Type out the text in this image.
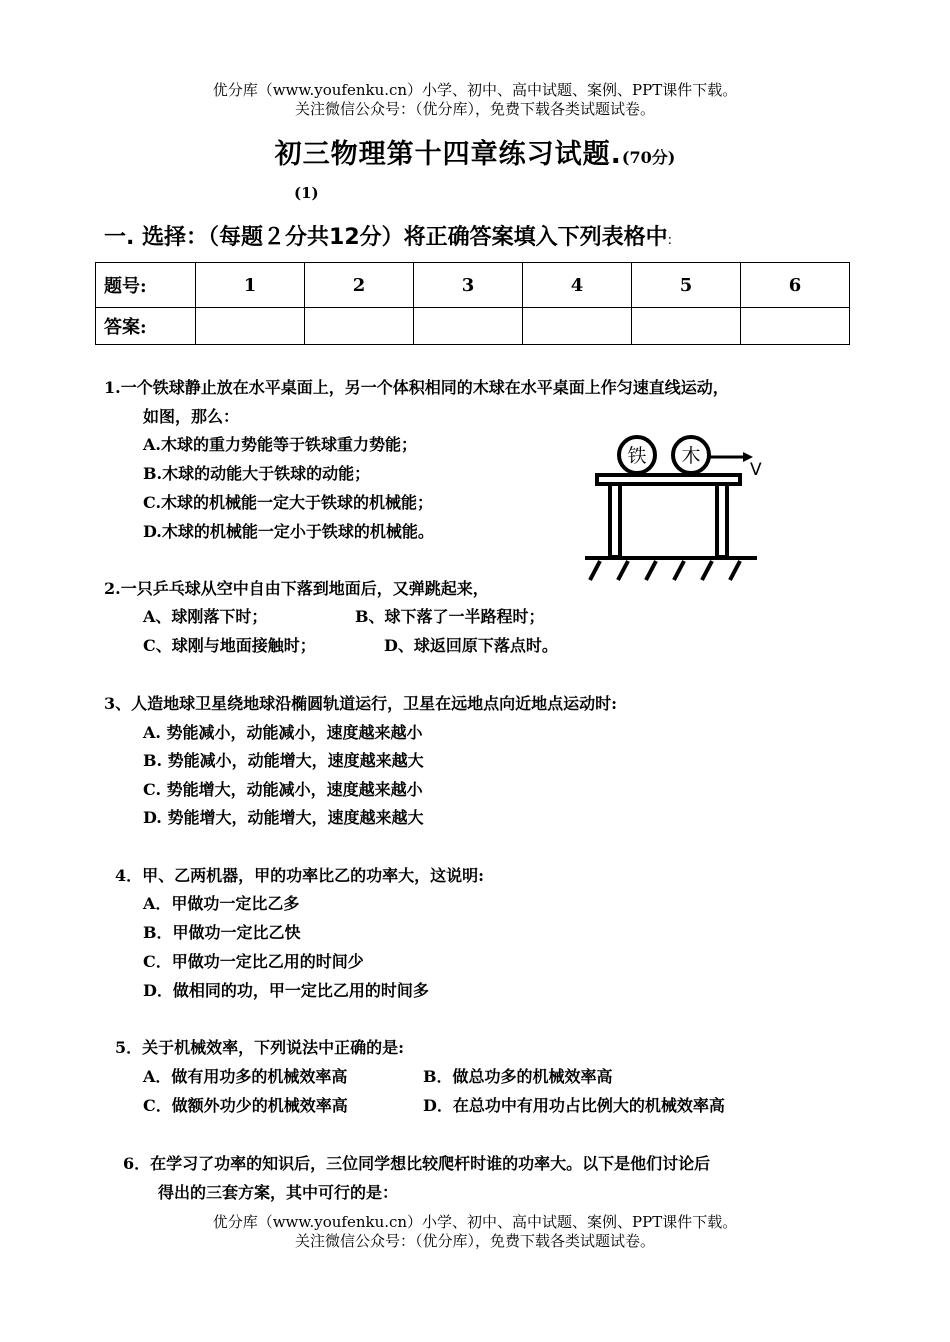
优分库（www.youfenku.cn）小学、初中、高中试题、案例、PPT课件下载。
关注微信公众号：（优分库），免费下载各类试题试卷。
初三物理第十四章练习试题.(70分)
(1)
一. 选择：（每题２分共12分）将正确答案填入下列表格中:
题号:	1	2	3	4	5	6
答案:						
1.一个铁球静止放在水平桌面上，另一个体积相同的木球在水平桌面上作匀速直线运动，
如图，那么：
A.木球的重力势能等于铁球重力势能；
B.木球的动能大于铁球的动能；
C.木球的机械能一定大于铁球的机械能；
D.木球的机械能一定小于铁球的机械能。
铁 木
V
2.一只乒乓球从空中自由下落到地面后，又弹跳起来，
A、球刚落下时；	B、球下落了一半路程时；
C、球刚与地面接触时；	D、球返回原下落点时。
3、人造地球卫星绕地球沿椭圆轨道运行，卫星在远地点向近地点运动时:
A. 势能减小，动能减小，速度越来越小
B. 势能减小，动能增大，速度越来越大
C. 势能增大，动能减小，速度越来越小
D. 势能增大，动能增大，速度越来越大
4．甲、乙两机器，甲的功率比乙的功率大，这说明:
A．甲做功一定比乙多
B．甲做功一定比乙快
C．甲做功一定比乙用的时间少
D．做相同的功，甲一定比乙用的时间多
5．关于机械效率，下列说法中正确的是:
A．做有用功多的机械效率高	B．做总功多的机械效率高
C．做额外功少的机械效率高	D．在总功中有用功占比例大的机械效率高
6．在学习了功率的知识后，三位同学想比较爬杆时谁的功率大。以下是他们讨论后
得出的三套方案，其中可行的是：
优分库（www.youfenku.cn）小学、初中、高中试题、案例、PPT课件下载。
关注微信公众号：（优分库），免费下载各类试题试卷。
